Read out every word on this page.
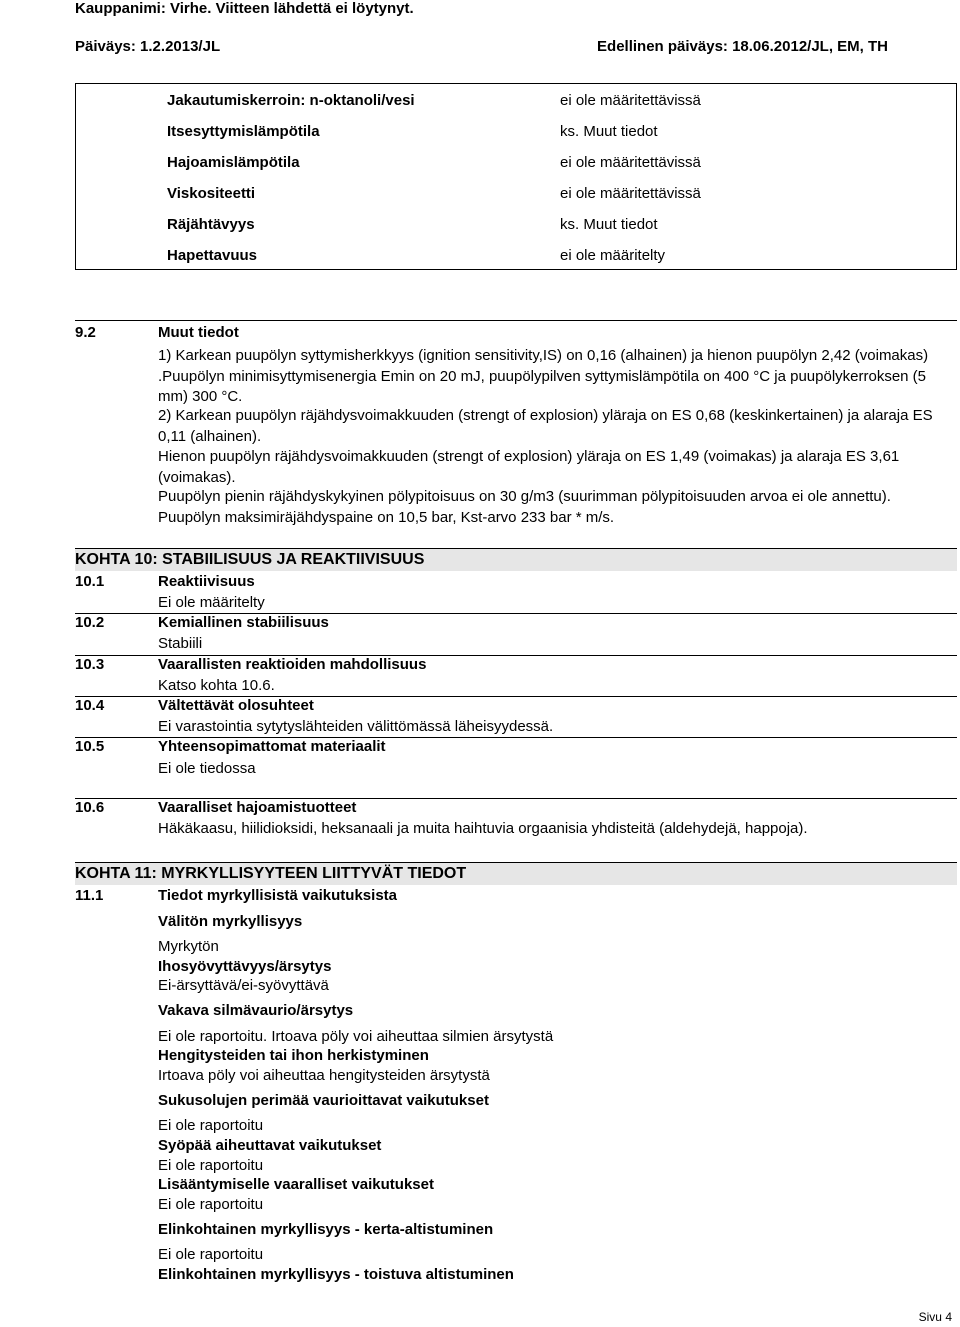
Kauppanimi: Virhe. Viitteen lähdettä ei löytynyt.
Päiväys: 1.2.2013/JL	Edellinen päiväys: 18.06.2012/JL, EM, TH
Jakautumiskerroin: n-oktanoli/vesi	ei ole määritettävissä
Itsesyttymislämpötila	ks. Muut tiedot
Hajoamislämpötila	ei ole määritettävissä
Viskositeetti	ei ole määritettävissä
Räjähtävyys	ks. Muut tiedot
Hapettavuus	ei ole määritelty
9.2	Muut tiedot
1) Karkean puupölyn syttymisherkkyys (ignition sensitivity,IS) on 0,16 (alhainen) ja hienon puupölyn 2,42 (voimakas) .Puupölyn minimisyttymisenergia Emin on 20 mJ, puupölypilven syttymislämpötila on 400 °C ja puupölykerroksen (5 mm) 300 °C.
2) Karkean puupölyn räjähdysvoimakkuuden (strengt of explosion) yläraja on ES 0,68 (keskinkertainen) ja alaraja ES 0,11 (alhainen).
Hienon puupölyn räjähdysvoimakkuuden (strengt of explosion) yläraja on ES 1,49 (voimakas) ja alaraja ES 3,61 (voimakas).
Puupölyn pienin räjähdyskykyinen pölypitoisuus on 30 g/m3 (suurimman pölypitoisuuden arvoa ei ole annettu). Puupölyn maksimiräjähdyspaine on 10,5 bar, Kst-arvo 233 bar * m/s.
KOHTA 10: STABIILISUUS JA REAKTIIVISUUS
10.1	Reaktiivisuus
Ei ole määritelty
10.2	Kemiallinen stabiilisuus
Stabiili
10.3	Vaarallisten reaktioiden mahdollisuus
Katso kohta 10.6.
10.4	Vältettävät olosuhteet
Ei varastointia sytytyslähteiden välittömässä läheisyydessä.
10.5	Yhteensopimattomat materiaalit
Ei ole tiedossa
10.6	Vaaralliset hajoamistuotteet
Häkäkaasu, hiilidioksidi, heksanaali ja muita haihtuvia orgaanisia yhdisteitä (aldehydejä, happoja).
KOHTA 11: MYRKYLLISYYTEEN LIITTYVÄT TIEDOT
11.1	Tiedot myrkyllisistä vaikutuksista
Välitön myrkyllisyys
Myrkytön
Ihosyövyttävyys/ärsytys
Ei-ärsyttävä/ei-syövyttävä
Vakava silmävaurio/ärsytys
Ei ole raportoitu. Irtoava pöly voi aiheuttaa silmien ärsytystä
Hengitysteiden tai ihon herkistyminen
Irtoava pöly voi aiheuttaa hengitysteiden ärsytystä
Sukusolujen perimää vaurioittavat vaikutukset
Ei ole raportoitu
Syöpää aiheuttavat vaikutukset
Ei ole raportoitu
Lisääntymiselle vaaralliset vaikutukset
Ei ole raportoitu
Elinkohtainen myrkyllisyys - kerta-altistuminen
Ei ole raportoitu
Elinkohtainen myrkyllisyys - toistuva altistuminen
Sivu 4
